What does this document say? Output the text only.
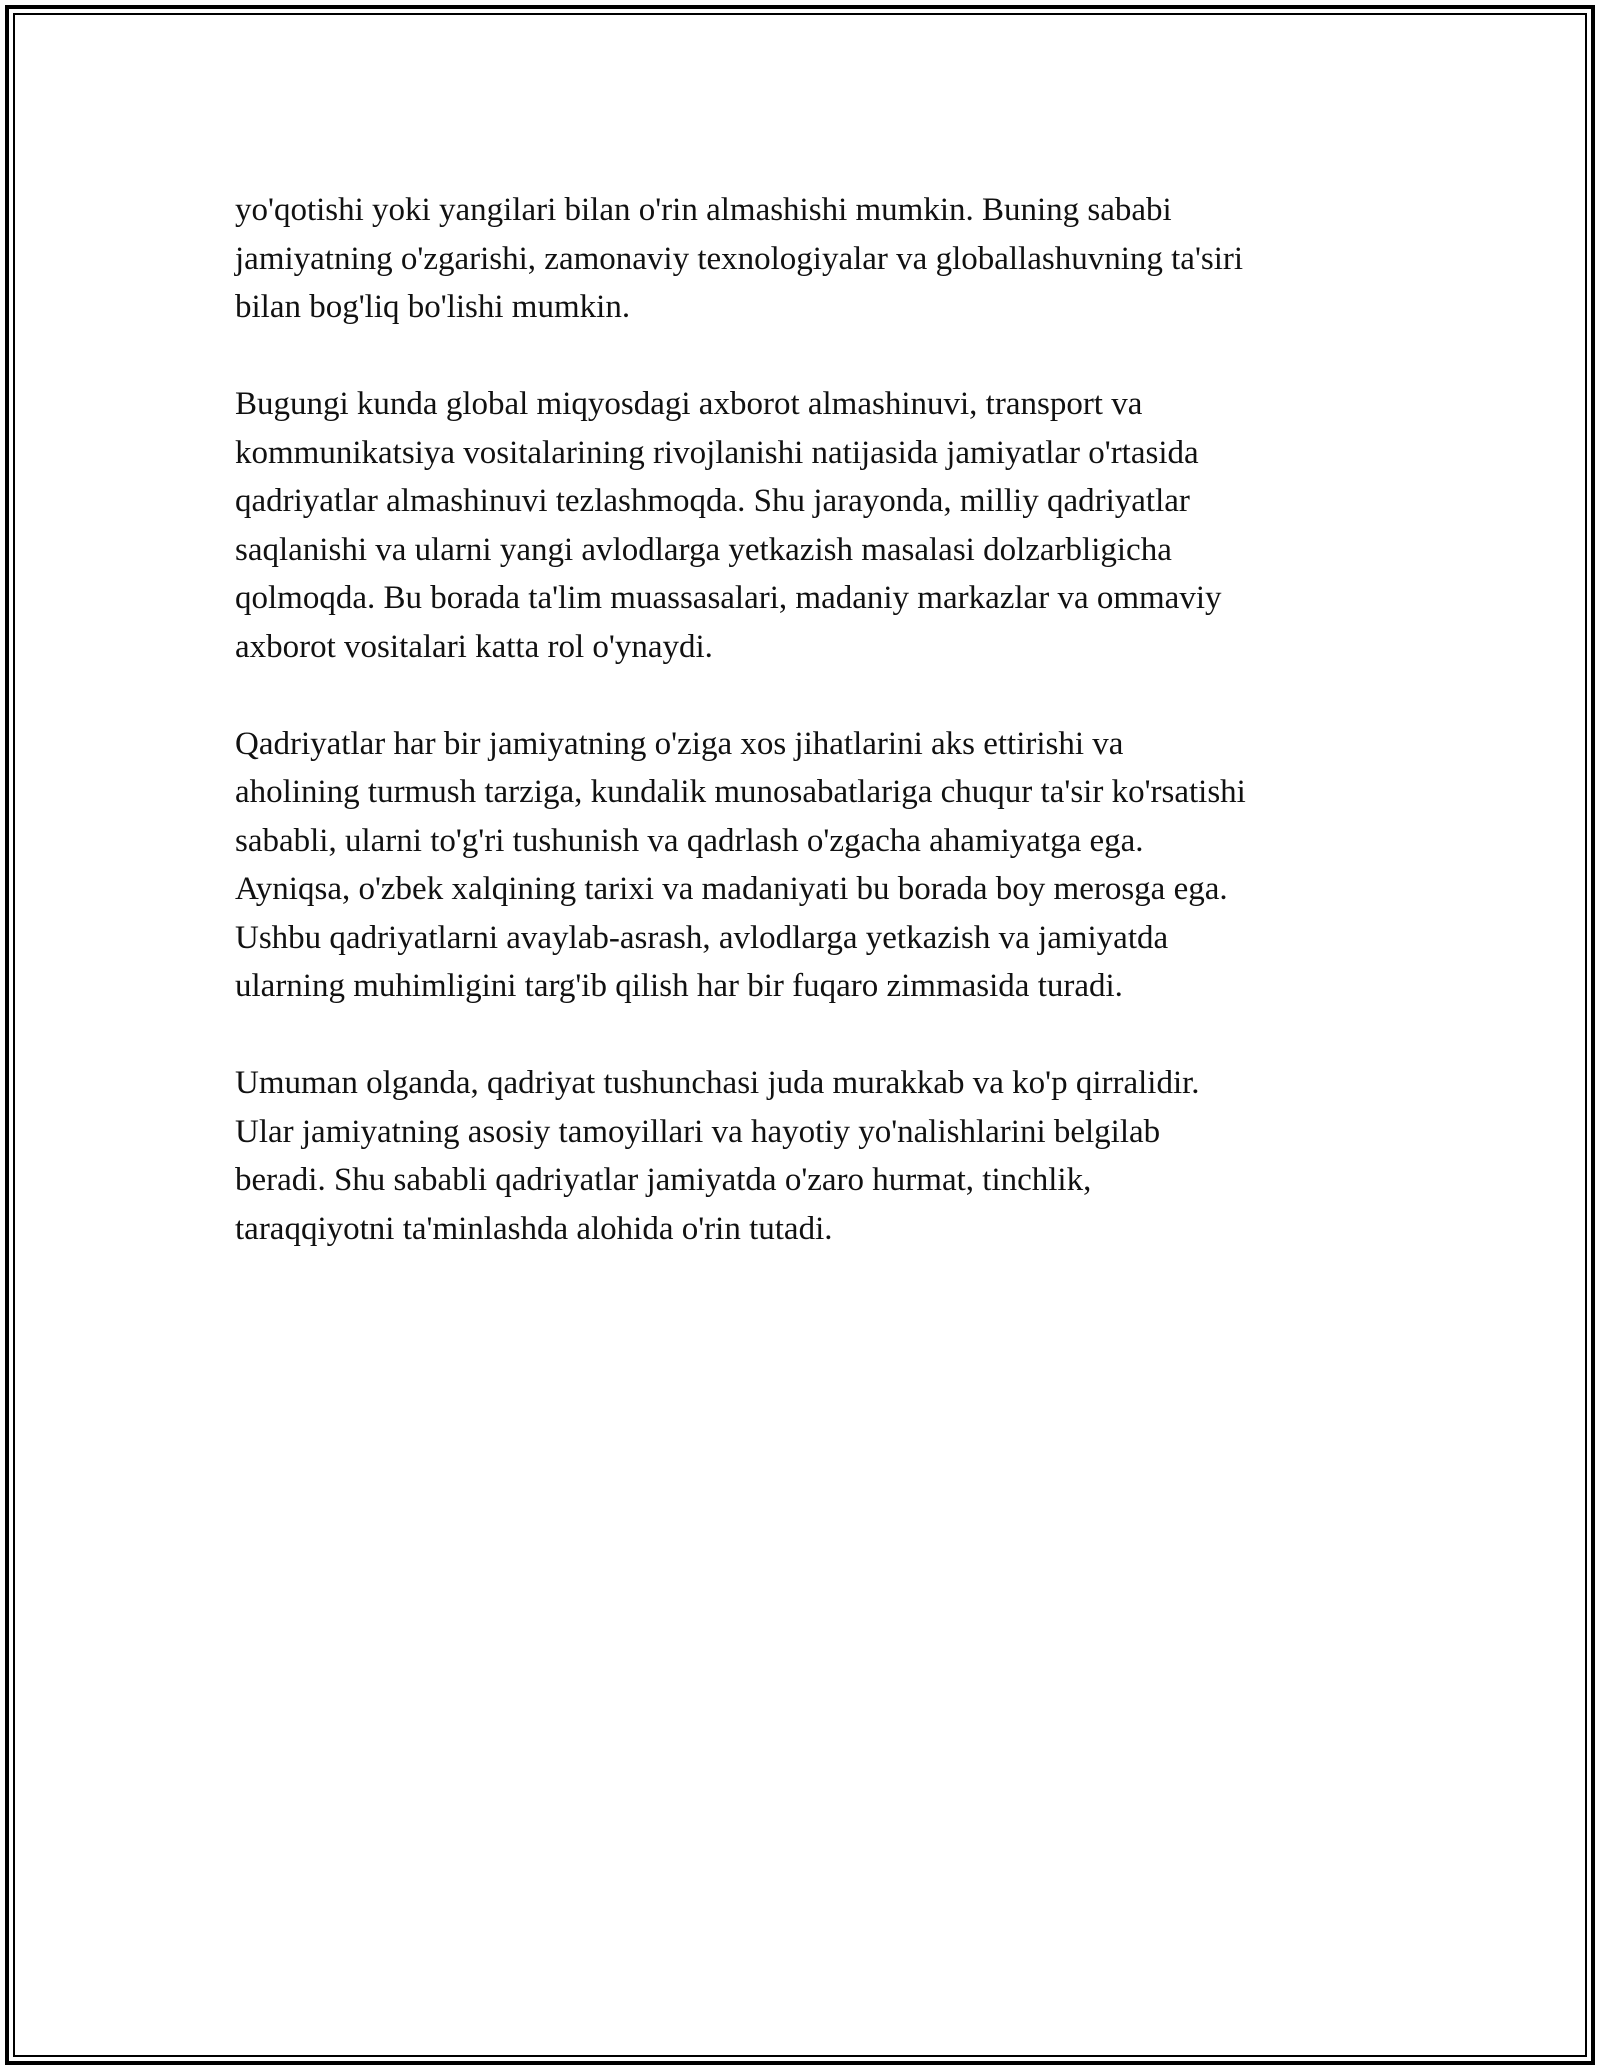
yo'qotishi yoki yangilari bilan o'rin almashishi mumkin. Buning sababi
jamiyatning o'zgarishi, zamonaviy texnologiyalar va globallashuvning ta'siri
bilan bog'liq bo'lishi mumkin.

Bugungi kunda global miqyosdagi axborot almashinuvi, transport va
kommunikatsiya vositalarining rivojlanishi natijasida jamiyatlar o'rtasida
qadriyatlar almashinuvi tezlashmoqda. Shu jarayonda, milliy qadriyatlar
saqlanishi va ularni yangi avlodlarga yetkazish masalasi dolzarbligicha
qolmoqda. Bu borada ta'lim muassasalari, madaniy markazlar va ommaviy
axborot vositalari katta rol o'ynaydi.

Qadriyatlar har bir jamiyatning o'ziga xos jihatlarini aks ettirishi va
aholining turmush tarziga, kundalik munosabatlariga chuqur ta'sir ko'rsatishi
sababli, ularni to'g'ri tushunish va qadrlash o'zgacha ahamiyatga ega.
Ayniqsa, o'zbek xalqining tarixi va madaniyati bu borada boy merosga ega.
Ushbu qadriyatlarni avaylab-asrash, avlodlarga yetkazish va jamiyatda
ularning muhimligini targ'ib qilish har bir fuqaro zimmasida turadi.

Umuman olganda, qadriyat tushunchasi juda murakkab va ko'p qirralidir.
Ular jamiyatning asosiy tamoyillari va hayotiy yo'nalishlarini belgilab
beradi. Shu sababli qadriyatlar jamiyatda o'zaro hurmat, tinchlik,
taraqqiyotni ta'minlashda alohida o'rin tutadi.
